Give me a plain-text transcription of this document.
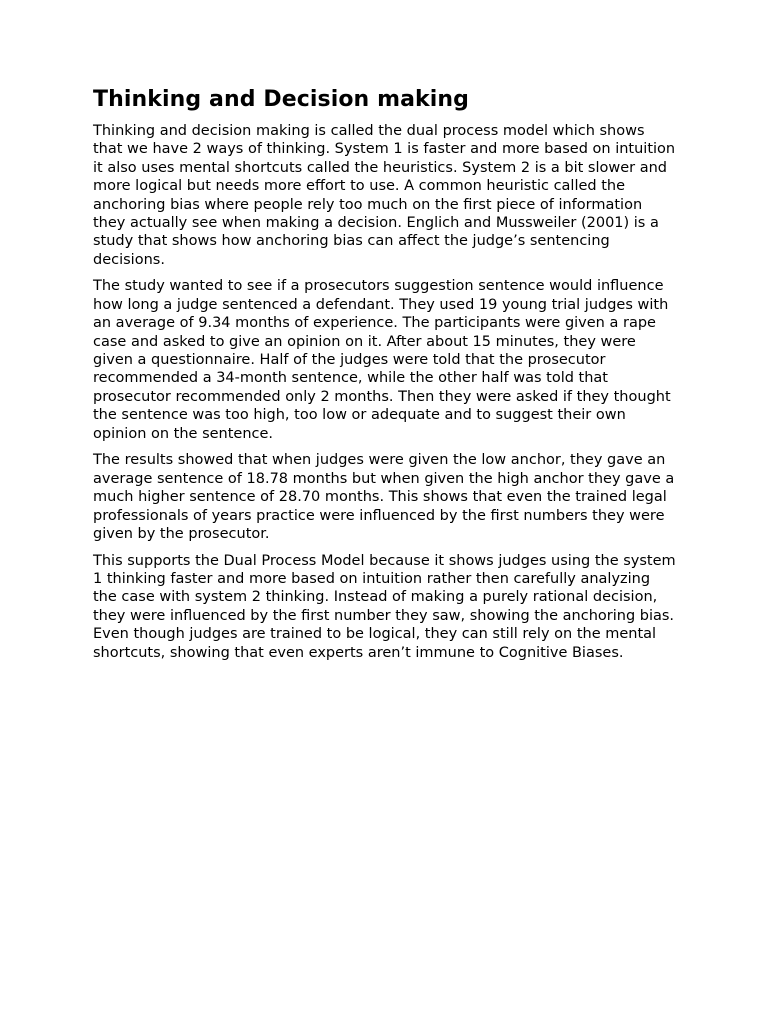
Thinking and Decision making

Thinking and decision making is called the dual process model which shows that we have 2 ways of thinking. System 1 is faster and more based on intuition it also uses mental shortcuts called the heuristics. System 2 is a bit slower and more logical but needs more effort to use. A common heuristic called the anchoring bias where people rely too much on the first piece of information they actually see when making a decision. Englich and Mussweiler (2001) is a study that shows how anchoring bias can affect the judge’s sentencing decisions.

The study wanted to see if a prosecutors suggestion sentence would influence how long a judge sentenced a defendant. They used 19 young trial judges with an average of 9.34 months of experience. The participants were given a rape case and asked to give an opinion on it. After about 15 minutes, they were given a questionnaire. Half of the judges were told that the prosecutor recommended a 34-month sentence, while the other half was told that prosecutor recommended only 2 months. Then they were asked if they thought the sentence was too high, too low or adequate and to suggest their own opinion on the sentence.

The results showed that when judges were given the low anchor, they gave an average sentence of 18.78 months but when given the high anchor they gave a much higher sentence of 28.70 months. This shows that even the trained legal professionals of years practice were influenced by the first numbers they were given by the prosecutor.

This supports the Dual Process Model because it shows judges using the system 1 thinking faster and more based on intuition rather then carefully analyzing the case with system 2 thinking. Instead of making a purely rational decision, they were influenced by the first number they saw, showing the anchoring bias. Even though judges are trained to be logical, they can still rely on the mental shortcuts, showing that even experts aren’t immune to Cognitive Biases.
